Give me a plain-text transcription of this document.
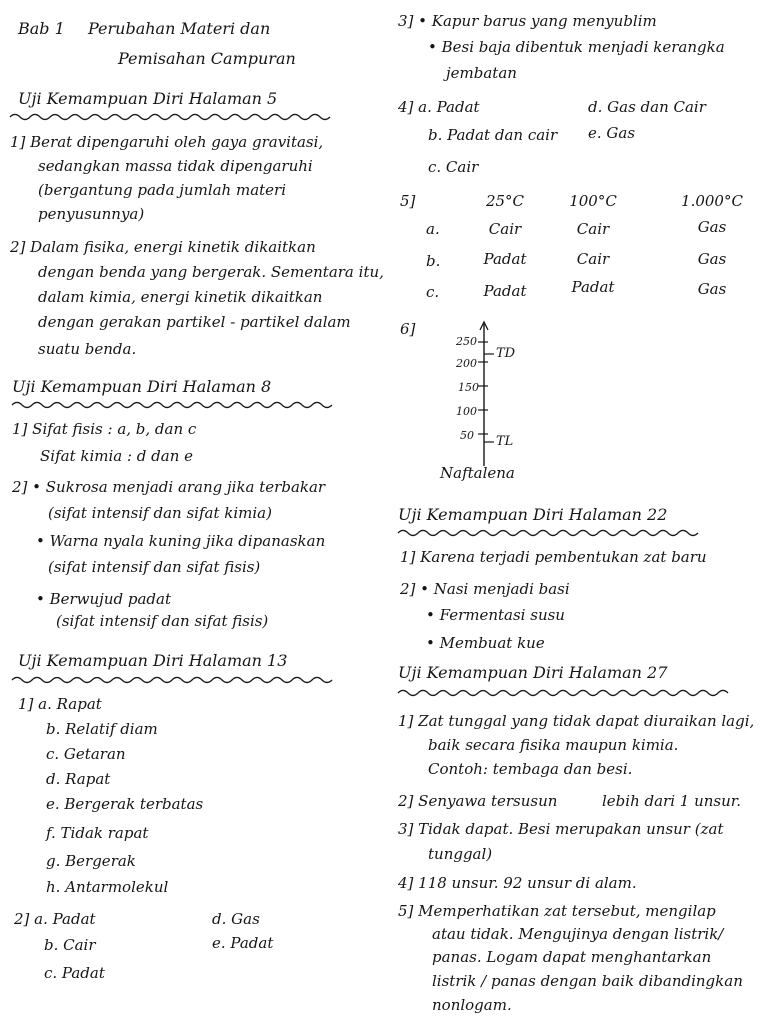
Bab 1 Perubahan Materi dan
Pemisahan Campuran
Uji Kemampuan Diri Halaman 5
1] Berat dipengaruhi oleh gaya gravitasi,
sedangkan massa tidak dipengaruhi
(bergantung pada jumlah materi
penyusunnya)
2] Dalam fisika, energi kinetik dikaitkan
dengan benda yang bergerak. Sementara itu,
dalam kimia, energi kinetik dikaitkan
dengan gerakan partikel - partikel dalam
suatu benda.
Uji Kemampuan Diri Halaman 8
1] Sifat fisis : a, b, dan c
Sifat kimia : d dan e
2] • Sukrosa menjadi arang jika terbakar
(sifat intensif dan sifat kimia)
• Warna nyala kuning jika dipanaskan
(sifat intensif dan sifat fisis)
• Berwujud padat
(sifat intensif dan sifat fisis)
Uji Kemampuan Diri Halaman 13
1] a. Rapat
b. Relatif diam
c. Getaran
d. Rapat
e. Bergerak terbatas
f. Tidak rapat
g. Bergerak
h. Antarmolekul
2] a. Padat	d. Gas
b. Cair	e. Padat
c. Padat
3] • Kapur barus yang menyublim
• Besi baja dibentuk menjadi kerangka
jembatan
4] a. Padat	d. Gas dan Cair
b. Padat dan cair e. Gas
c. Cair
5]	25°C	100°C	1.000°C
a.	Cair	Cair	Gas
b.	Padat	Cair	Gas
c.	Padat	Padat	Gas
6]
250
200
150
100
50
TD
TL
Naftalena
Uji Kemampuan Diri Halaman 22
1] Karena terjadi pembentukan zat baru
2] • Nasi menjadi basi
• Fermentasi susu
• Membuat kue
Uji Kemampuan Diri Halaman 27
1] Zat tunggal yang tidak dapat diuraikan lagi,
baik secara fisika maupun kimia.
Contoh: tembaga dan besi.
2] Senyawa tersusun	lebih dari 1 unsur.
3] Tidak dapat. Besi merupakan unsur (zat
tunggal)
4] 118 unsur. 92 unsur di alam.
5] Memperhatikan zat tersebut, mengilap
atau tidak. Mengujinya dengan listrik/
panas. Logam dapat menghantarkan
listrik / panas dengan baik dibandingkan
nonlogam.
